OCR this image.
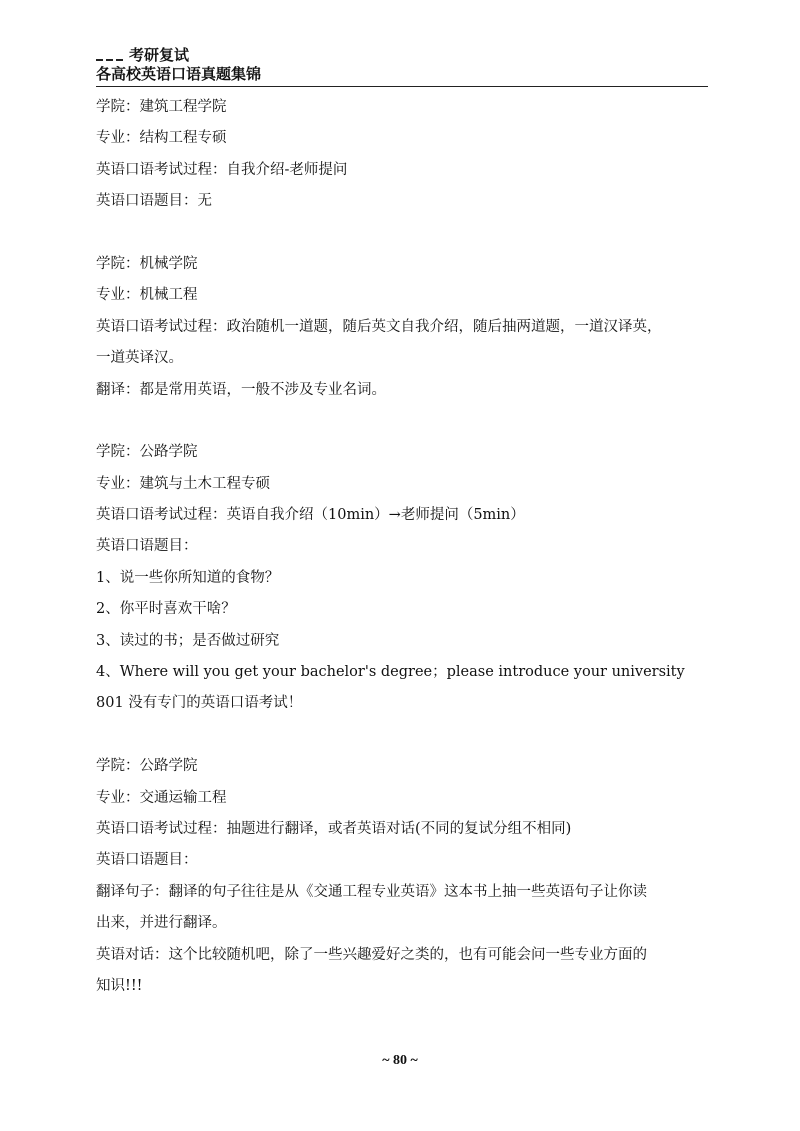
考研复试
各高校英语口语真题集锦
学院：建筑工程学院
专业：结构工程专硕
英语口语考试过程：自我介绍-老师提问
英语口语题目：无
学院：机械学院
专业：机械工程
英语口语考试过程：政治随机一道题，随后英文自我介绍，随后抽两道题，一道汉译英，
一道英译汉。
翻译：都是常用英语，一般不涉及专业名词。
学院：公路学院
专业：建筑与土木工程专硕
英语口语考试过程：英语自我介绍（10min）→老师提问（5min）
英语口语题目：
1、说一些你所知道的食物？
2、你平时喜欢干啥？
3、读过的书；是否做过研究
4、Where will you get your bachelor's degree；please introduce your university
801 没有专门的英语口语考试！
学院：公路学院
专业：交通运输工程
英语口语考试过程：抽题进行翻译，或者英语对话(不同的复试分组不相同)
英语口语题目：
翻译句子：翻译的句子往往是从《交通工程专业英语》这本书上抽一些英语句子让你读
出来，并进行翻译。
英语对话：这个比较随机吧，除了一些兴趣爱好之类的，也有可能会问一些专业方面的
知识!!!
~ 80 ~
